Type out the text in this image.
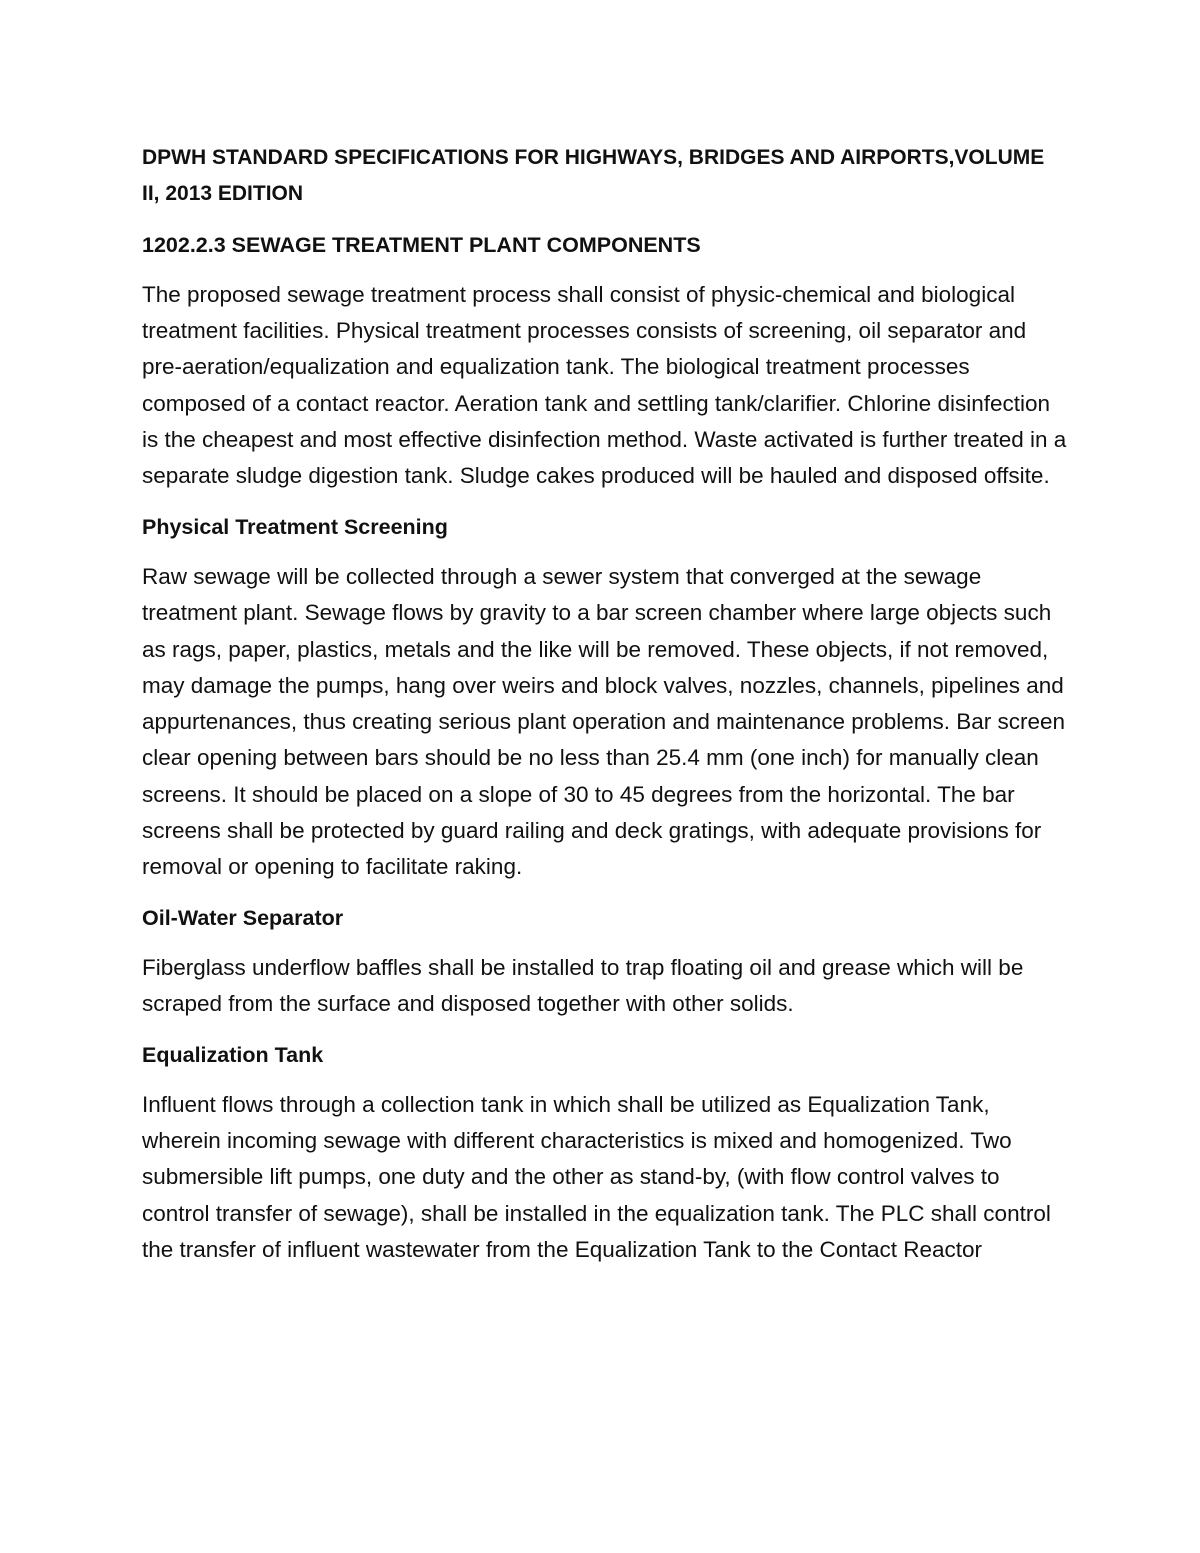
DPWH STANDARD SPECIFICATIONS FOR HIGHWAYS, BRIDGES AND AIRPORTS,VOLUME II, 2013 EDITION

1202.2.3 SEWAGE TREATMENT PLANT COMPONENTS

The proposed sewage treatment process shall consist of physic-chemical and biological treatment facilities. Physical treatment processes consists of screening, oil separator and pre-aeration/equalization and equalization tank. The biological treatment processes composed of a contact reactor. Aeration tank and settling tank/clarifier. Chlorine disinfection is the cheapest and most effective disinfection method. Waste activated is further treated in a separate sludge digestion tank. Sludge cakes produced will be hauled and disposed offsite.

Physical Treatment Screening

Raw sewage will be collected through a sewer system that converged at the sewage treatment plant. Sewage flows by gravity to a bar screen chamber where large objects such as rags, paper, plastics, metals and the like will be removed. These objects, if not removed, may damage the pumps, hang over weirs and block valves, nozzles, channels, pipelines and appurtenances, thus creating serious plant operation and maintenance problems. Bar screen clear opening between bars should be no less than 25.4 mm (one inch) for manually clean screens. It should be placed on a slope of 30 to 45 degrees from the horizontal. The bar screens shall be protected by guard railing and deck gratings, with adequate provisions for removal or opening to facilitate raking.

Oil-Water Separator

Fiberglass underflow baffles shall be installed to trap floating oil and grease which will be scraped from the surface and disposed together with other solids.

Equalization Tank

Influent flows through a collection tank in which shall be utilized as Equalization Tank, wherein incoming sewage with different characteristics is mixed and homogenized. Two submersible lift pumps, one duty and the other as stand-by, (with flow control valves to control transfer of sewage), shall be installed in the equalization tank. The PLC shall control the transfer of influent wastewater from the Equalization Tank to the Contact Reactor
